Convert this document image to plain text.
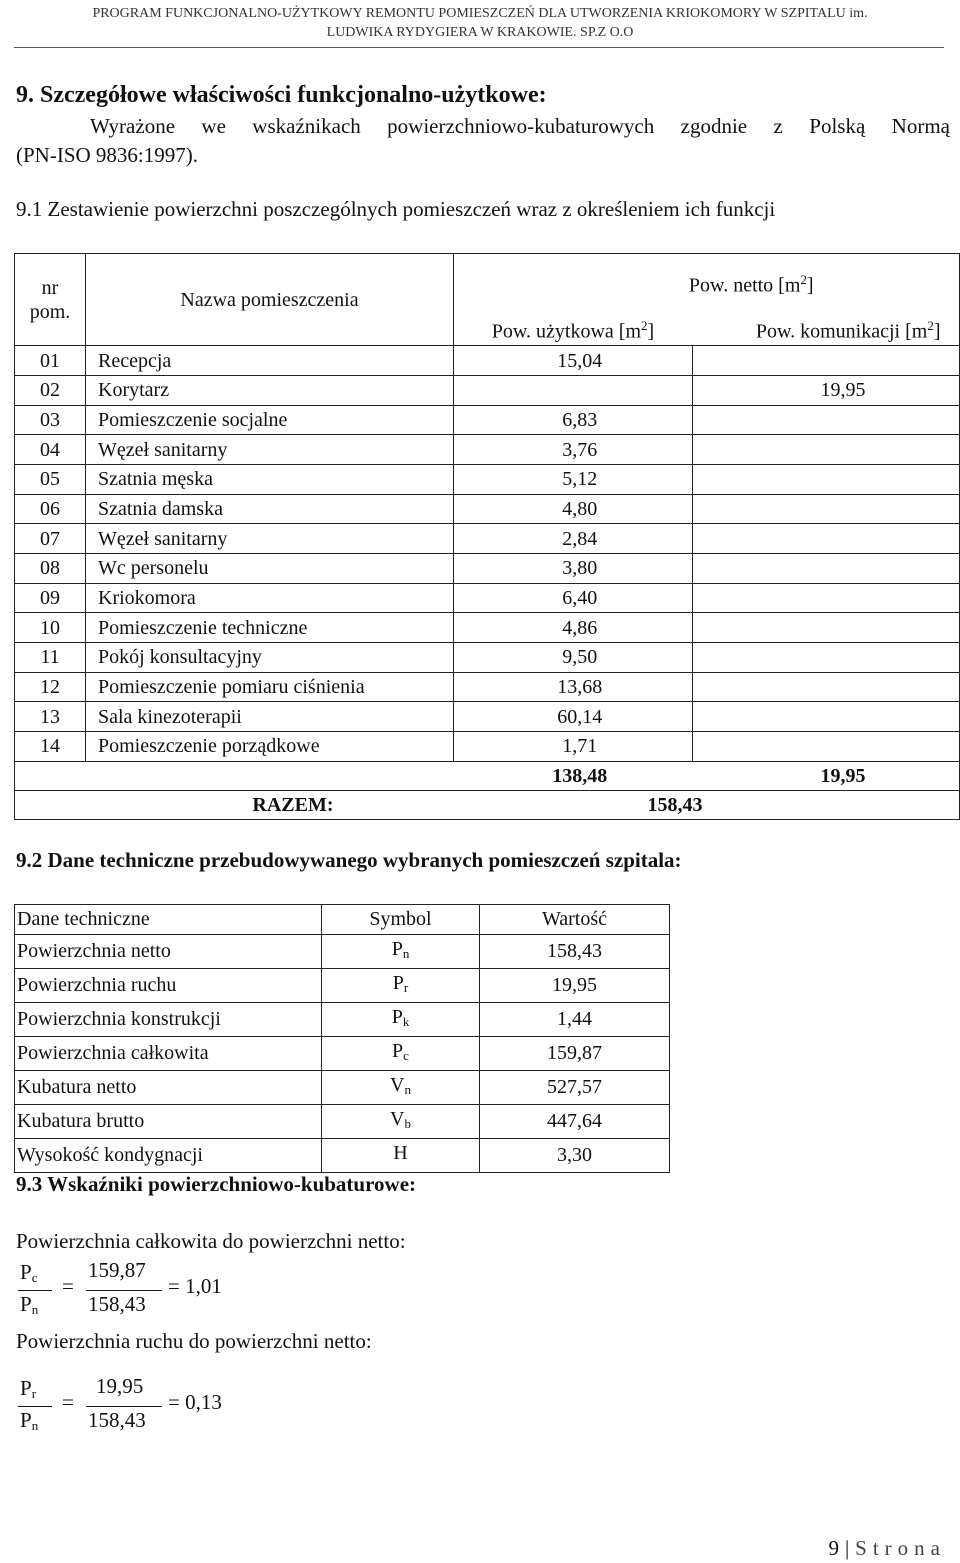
PROGRAM FUNKCJONALNO-UŻYTKOWY REMONTU POMIESZCZEŃ DLA UTWORZENIA KRIOKOMORY W SZPITALU im.
LUDWIKA RYDYGIERA W KRAKOWIE. SP.Z O.O
9. Szczegółowe właściwości funkcjonalno-użytkowe:
Wyrażone we wskaźnikach powierzchniowo-kubaturowych zgodnie z Polską Normą
(PN-ISO 9836:1997).
9.1 Zestawienie powierzchni poszczególnych pomieszczeń wraz z określeniem ich funkcji
nr
pom.	Nazwa pomieszczenia	Pow. netto $[m^2]$	
		Pow. użytkowa $[m^2]$	Pow. komunikacji $[m^2]$
01	Recepcja	15,04	
02	Korytarz		19,95
03	Pomieszczenie socjalne	6,83	
04	Węzeł sanitarny	3,76	
05	Szatnia męska	5,12	
06	Szatnia damska	4,80	
07	Węzeł sanitarny	2,84	
08	Wc personelu	3,80	
09	Kriokomora	6,40	
10	Pomieszczenie techniczne	4,86	
11	Pokój konsultacyjny	9,50	
12	Pomieszczenie pomiaru ciśnienia	13,68	
13	Sala kinezoterapii	60,14	
14	Pomieszczenie porządkowe	1,71	
		138,48	19,95
RAZEM:		158,43	
9.2 Dane techniczne przebudowywanego wybranych pomieszczeń szpitala:
Dane techniczne	Symbol	Wartość
Powierzchnia netto	$P_n$	158,43
Powierzchnia ruchu	$P_r$	19,95
Powierzchnia konstrukcji	$P_k$	1,44
Powierzchnia całkowita	$P_c$	159,87
Kubatura netto	$V_n$	527,57
Kubatura brutto	$V_b$	447,64
Wysokość kondygnacji	H	3,30
9.3 Wskaźniki powierzchniowo-kubaturowe:
Powierzchnia całkowita do powierzchni netto:
$P_c$
$P_n$
=
159,87
158,43
= 1,01
Powierzchnia ruchu do powierzchni netto:
$P_r$
$P_n$
=
19,95
158,43
= 0,13
9 | Strona
